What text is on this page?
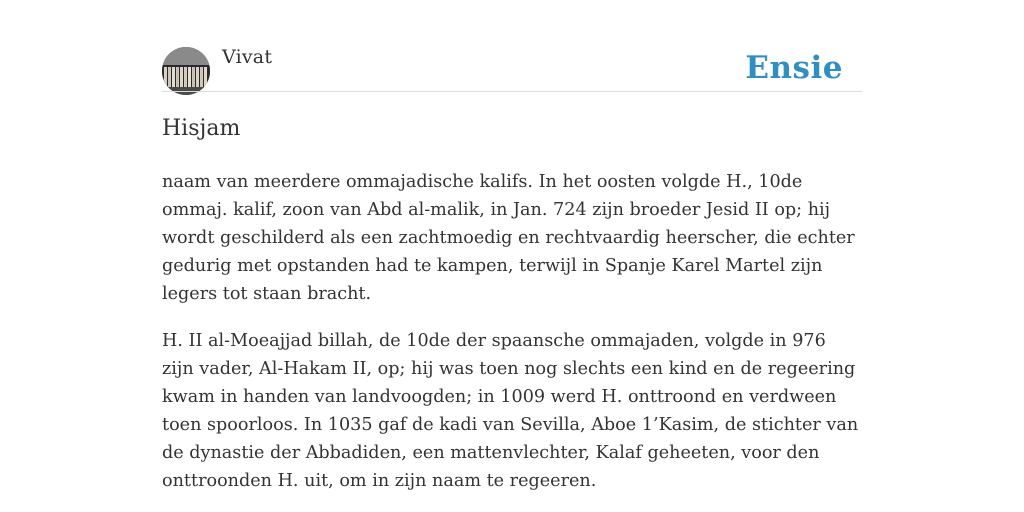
Vivat	Ensie
Hisjam

naam van meerdere ommajadische kalifs. In het oosten volgde H., 10de ommaj. kalif, zoon van Abd al-malik, in Jan. 724 zijn broeder Jesid II op; hij wordt geschilderd als een zachtmoedig en rechtvaardig heerscher, die echter gedurig met opstanden had te kampen, terwijl in Spanje Karel Martel zijn legers tot staan bracht.

H. II al-Moeajjad billah, de 10de der spaansche ommajaden, volgde in 976 zijn vader, Al-Hakam II, op; hij was toen nog slechts een kind en de regeering kwam in handen van landvoogden; in 1009 werd H. onttroond en verdween toen spoorloos. In 1035 gaf de kadi van Sevilla, Aboe 1’Kasim, de stichter van de dynastie der Abbadiden, een mattenvlechter, Kalaf geheeten, voor den onttroonden H. uit, om in zijn naam te regeeren.
